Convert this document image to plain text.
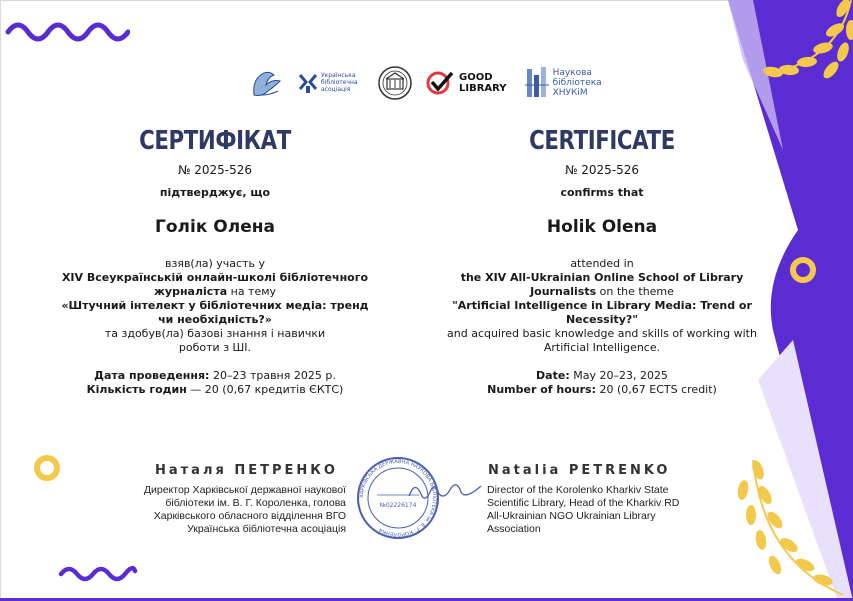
Українська бібліотечна асоціація
GOOD
LIBRARY
Наукова
бібліотека
ХНУКіМ
СЕРТИФІКАТ
№ 2025-526
підтверджує, що
Голік Олена
взяв(ла) участь у
XIV Всеукраїнській онлайн-школі бібліотечного журналіста на тему
«Штучний інтелект у бібліотечних медіа: тренд чи необхідність?»
та здобув(ла) базові знання і навички роботи з ШІ.
Дата проведення: 20–23 травня 2025 р.
Кількість годин — 20 (0,67 кредитів ЄКТС)
CERTIFICATE
№ 2025-526
confirms that
Holik Olena
attended in
the XIV All-Ukrainian Online School of Library Journalists on the theme
"Artificial Intelligence in Library Media: Trend or Necessity?"
and acquired basic knowledge and skills of working with Artificial Intelligence.
Date: May 20–23, 2025
Number of hours: 20 (0,67 ECTS credit)
Наталя ПЕТРЕНКО
Директор Харківської державної наукової бібліотеки ім. В. Г. Короленка, голова Харківського обласного відділення ВГО Українська бібліотечна асоціація
Natalia PETRENKO
Director of the Korolenko Kharkiv State Scientific Library, Head of the Kharkiv RD All-Ukrainian NGO Ukrainian Library Association
ХАРКІВСЬКА ДЕРЖАВНА НАУКОВА БІБЛІОТЕКА ім. В. Г. КОРОЛЕНКА
№02226174
